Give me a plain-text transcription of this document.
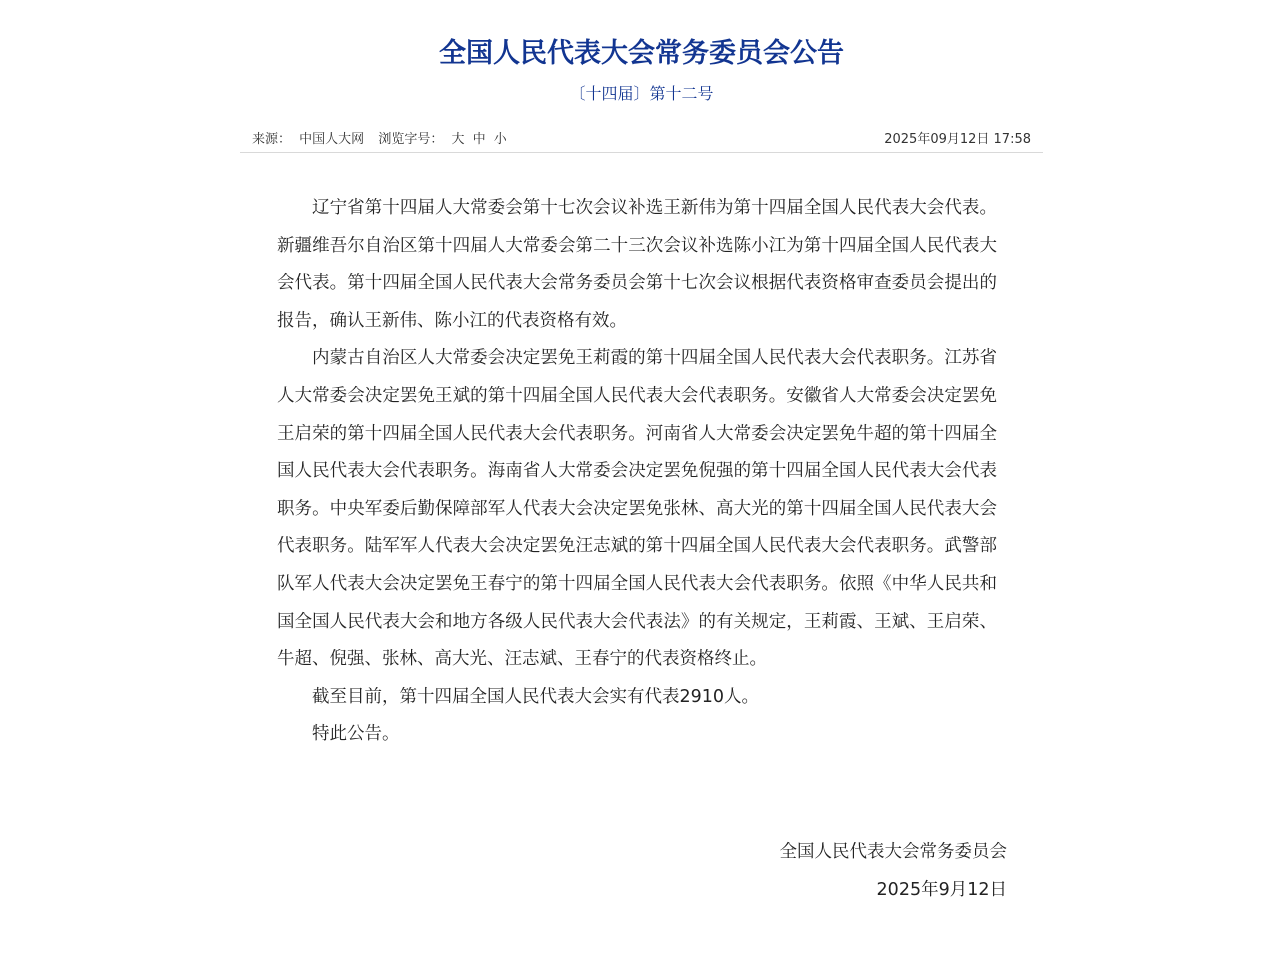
全国人民代表大会常务委员会公告
〔十四届〕第十二号
来源： 中国人大网 浏览字号： 大 中 小	2025年09月12日 17:58

辽宁省第十四届人大常委会第十七次会议补选王新伟为第十四届全国人民代表大会代表。新疆维吾尔自治区第十四届人大常委会第二十三次会议补选陈小江为第十四届全国人民代表大会代表。第十四届全国人民代表大会常务委员会第十七次会议根据代表资格审查委员会提出的报告，确认王新伟、陈小江的代表资格有效。

内蒙古自治区人大常委会决定罢免王莉霞的第十四届全国人民代表大会代表职务。江苏省人大常委会决定罢免王斌的第十四届全国人民代表大会代表职务。安徽省人大常委会决定罢免王启荣的第十四届全国人民代表大会代表职务。河南省人大常委会决定罢免牛超的第十四届全国人民代表大会代表职务。海南省人大常委会决定罢免倪强的第十四届全国人民代表大会代表职务。中央军委后勤保障部军人代表大会决定罢免张林、高大光的第十四届全国人民代表大会代表职务。陆军军人代表大会决定罢免汪志斌的第十四届全国人民代表大会代表职务。武警部队军人代表大会决定罢免王春宁的第十四届全国人民代表大会代表职务。依照《中华人民共和国全国人民代表大会和地方各级人民代表大会代表法》的有关规定，王莉霞、王斌、王启荣、牛超、倪强、张林、高大光、汪志斌、王春宁的代表资格终止。

截至目前，第十四届全国人民代表大会实有代表2910人。

特此公告。

全国人民代表大会常务委员会
2025年9月12日
